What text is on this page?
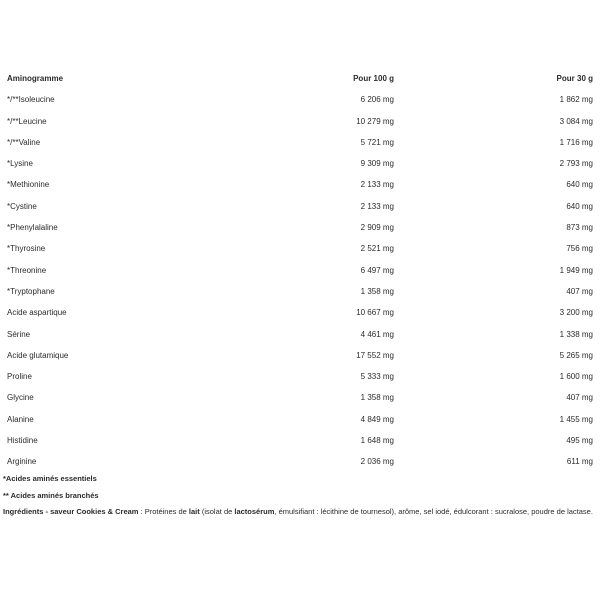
Aminogramme	Pour 100 g	Pour 30 g
*/**Isoleucine	6 206 mg	1 862 mg
*/**Leucine	10 279 mg	3 084 mg
*/**Valine	5 721 mg	1 716 mg
*Lysine	9 309 mg	2 793 mg
*Methionine	2 133 mg	640 mg
*Cystine	2 133 mg	640 mg
*Phenylalaline	2 909 mg	873 mg
*Thyrosine	2 521 mg	756 mg
*Threonine	6 497 mg	1 949 mg
*Tryptophane	1 358 mg	407 mg
Acide aspartique	10 667 mg	3 200 mg
Sérine	4 461 mg	1 338 mg
Acide glutamique	17 552 mg	5 265 mg
Proline	5 333 mg	1 600 mg
Glycine	1 358 mg	407 mg
Alanine	4 849 mg	1 455 mg
Histidine	1 648 mg	495 mg
Arginine	2 036 mg	611 mg
*Acides aminés essentiels
** Acides aminés branchés
Ingrédients - saveur Cookies & Cream : Protéines de lait (isolat de lactosérum, émulsifiant : lécithine de tournesol), arôme, sel iodé, édulcorant : sucralose, poudre de lactase.
